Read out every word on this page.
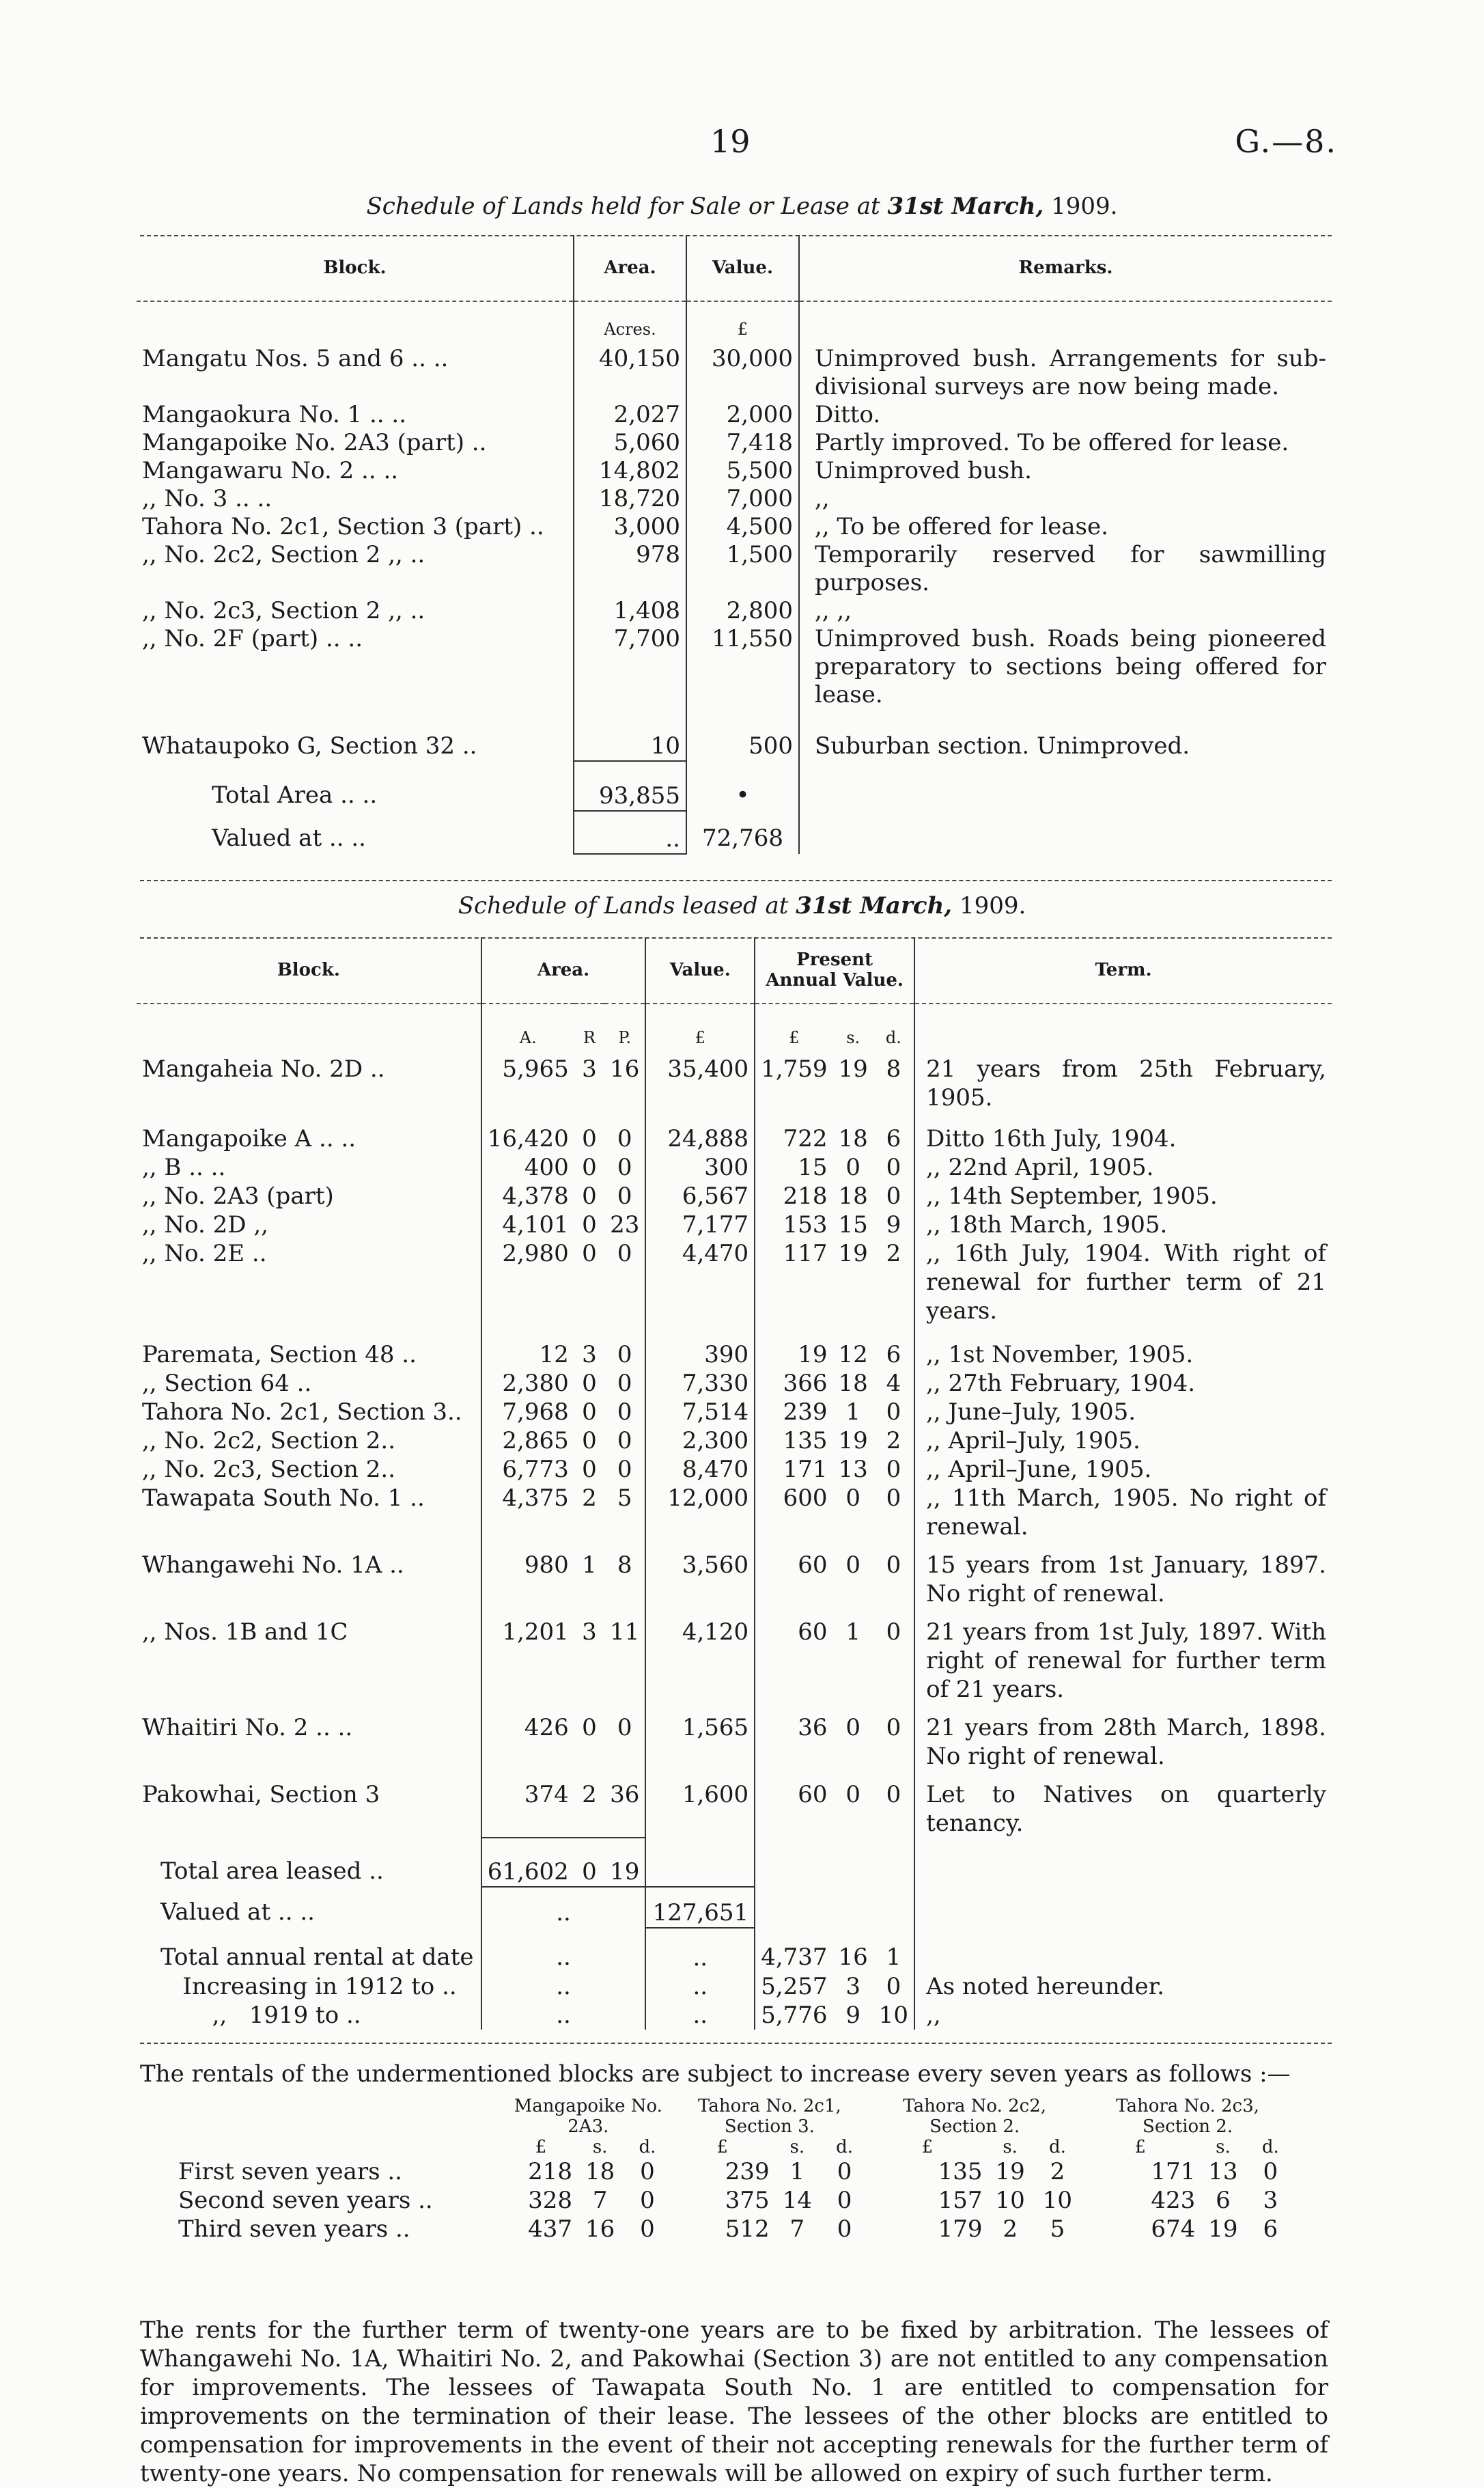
19	G.—8.
Schedule of Lands held for Sale or Lease at 31st March, 1909.
Block.	Area.	Value.	Remarks.
	Acres.	£	
Mangatu Nos. 5 and 6 .. ..	40,150	30,000	Unimproved bush. Arrangements for sub-divisional surveys are now being made.
Mangaokura No. 1 .. ..	2,027	2,000	Ditto.
Mangapoike No. 2A3 (part) ..	5,060	7,418	Partly improved. To be offered for lease.
Mangawaru No. 2 .. ..	14,802	5,500	Unimproved bush.
,, No. 3 .. ..	18,720	7,000	,,
Tahora No. 2c1, Section 3 (part) ..	3,000	4,500	,, To be offered for lease.
,, No. 2c2, Section 2 ,, ..	978	1,500	Temporarily reserved for sawmilling purposes.
,, No. 2c3, Section 2 ,, ..	1,408	2,800	,, ,,
,, No. 2F (part) .. ..	7,700	11,550	Unimproved bush. Roads being pioneered preparatory to sections being offered for lease.
Whataupoko G, Section 32 ..	10	500	Suburban section. Unimproved.
Total Area .. ..	93,855	•	
Valued at .. ..	..	72,768	
Schedule of Lands leased at 31st March, 1909.
Block.	Area.			Value.	Present Annual Value.			Term.
	A.	R	P.	£	£	s.	d.	
Mangaheia No. 2D ..	5,965	3	16	35,400	1,759	19	8	21 years from 25th February, 1905.
Mangapoike A .. ..	16,420	0	0	24,888	722	18	6	Ditto 16th July, 1904.
,, B .. ..	400	0	0	300	15	0	0	,, 22nd April, 1905.
,, No. 2A3 (part)	4,378	0	0	6,567	218	18	0	,, 14th September, 1905.
,, No. 2D ,,	4,101	0	23	7,177	153	15	9	,, 18th March, 1905.
,, No. 2E ..	2,980	0	0	4,470	117	19	2	,, 16th July, 1904. With right of renewal for further term of 21 years.
Paremata, Section 48 ..	12	3	0	390	19	12	6	,, 1st November, 1905.
,, Section 64 ..	2,380	0	0	7,330	366	18	4	,, 27th February, 1904.
Tahora No. 2c1, Section 3..	7,968	0	0	7,514	239	1	0	,, June–July, 1905.
,, No. 2c2, Section 2..	2,865	0	0	2,300	135	19	2	,, April–July, 1905.
,, No. 2c3, Section 2..	6,773	0	0	8,470	171	13	0	,, April–June, 1905.
Tawapata South No. 1 ..	4,375	2	5	12,000	600	0	0	,, 11th March, 1905. No right of renewal.
Whangawehi No. 1A ..	980	1	8	3,560	60	0	0	15 years from 1st January, 1897. No right of renewal.
,, Nos. 1B and 1C	1,201	3	11	4,120	60	1	0	21 years from 1st July, 1897. With right of renewal for further term of 21 years.
Whaitiri No. 2 .. ..	426	0	0	1,565	36	0	0	21 years from 28th March, 1898. No right of renewal.
Pakowhai, Section 3	374	2	36	1,600	60	0	0	Let to Natives on quarterly tenancy.
Total area leased ..	61,602	0	19					
Valued at .. ..	..			127,651				
Total annual rental at date	..			..	4,737	16	1	
Increasing in 1912 to ..	..			..	5,257	3	0	As noted hereunder.
,,   1919 to ..	..			..	5,776	9	10	,,
The rentals of the undermentioned blocks are subject to increase every seven years as follows :—
	Mangapoike No. 2A3.			Tahora No. 2c1, Section 3.			Tahora No. 2c2, Section 2.			Tahora No. 2c3, Section 2.		
	£	s.	d.	£	s.	d.	£	s.	d.	£	s.	d.
First seven years ..	218	18	0	239	1	0	135	19	2	171	13	0
Second seven years ..	328	7	0	375	14	0	157	10	10	423	6	3
Third seven years ..	437	16	0	512	7	0	179	2	5	674	19	6
The rents for the further term of twenty-one years are to be fixed by arbitration. The lessees of Whangawehi No. 1A, Whaitiri No. 2, and Pakowhai (Section 3) are not entitled to any compensation for improvements. The lessees of Tawapata South No. 1 are entitled to compensation for improvements on the termination of their lease. The lessees of the other blocks are entitled to compensation for improvements in the event of their not accepting renewals for the further term of twenty-one years. No compensation for renewals will be allowed on expiry of such further term.
